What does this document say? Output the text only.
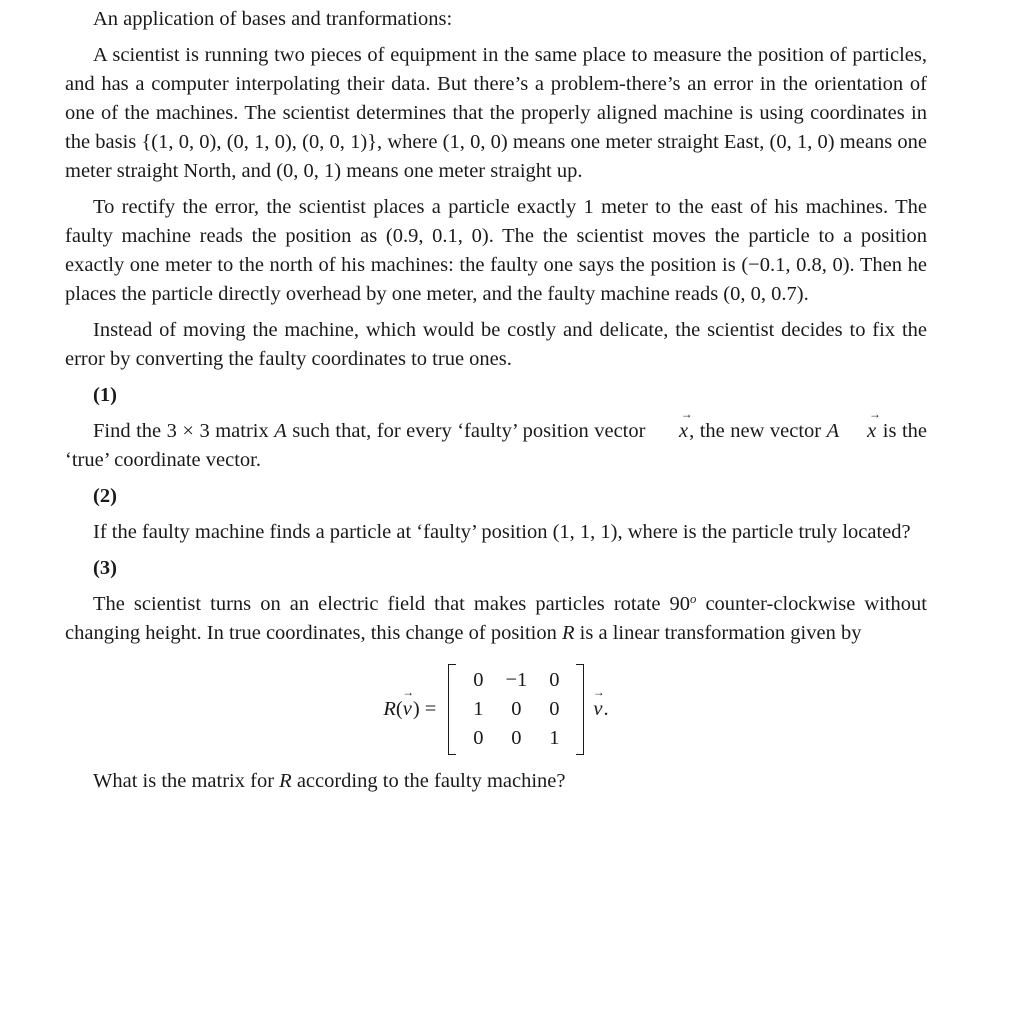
An application of bases and tranformations:

A scientist is running two pieces of equipment in the same place to measure the position of particles, and has a computer interpolating their data. But there’s a problem-there’s an error in the orientation of one of the machines. The scientist determines that the properly aligned machine is using coordinates in the basis {(1, 0, 0), (0, 1, 0), (0, 0, 1)}, where (1, 0, 0) means one meter straight East, (0, 1, 0) means one meter straight North, and (0, 0, 1) means one meter straight up.

To rectify the error, the scientist places a particle exactly 1 meter to the east of his machines. The faulty machine reads the position as (0.9, 0.1, 0). The the scientist moves the particle to a position exactly one meter to the north of his machines: the faulty one says the position is (−0.1, 0.8, 0). Then he places the particle directly overhead by one meter, and the faulty machine reads (0, 0, 0.7).

Instead of moving the machine, which would be costly and delicate, the scientist decides to fix the error by converting the faulty coordinates to true ones.

(1)

Find the 3 × 3 matrix A such that, for every ‘faulty’ position vector x →, the new vector A x → is the ‘true’ coordinate vector.

(2)

If the faulty machine finds a particle at ‘faulty’ position (1, 1, 1), where is the particle truly located?

(3)

The scientist turns on an electric field that makes particles rotate 90$^o$ counter-clockwise without changing height. In true coordinates, this change of position R is a linear transformation given by

R(v →) =
0	−1	0
1	0	0
0	0	1
v →.

What is the matrix for R according to the faulty machine?
